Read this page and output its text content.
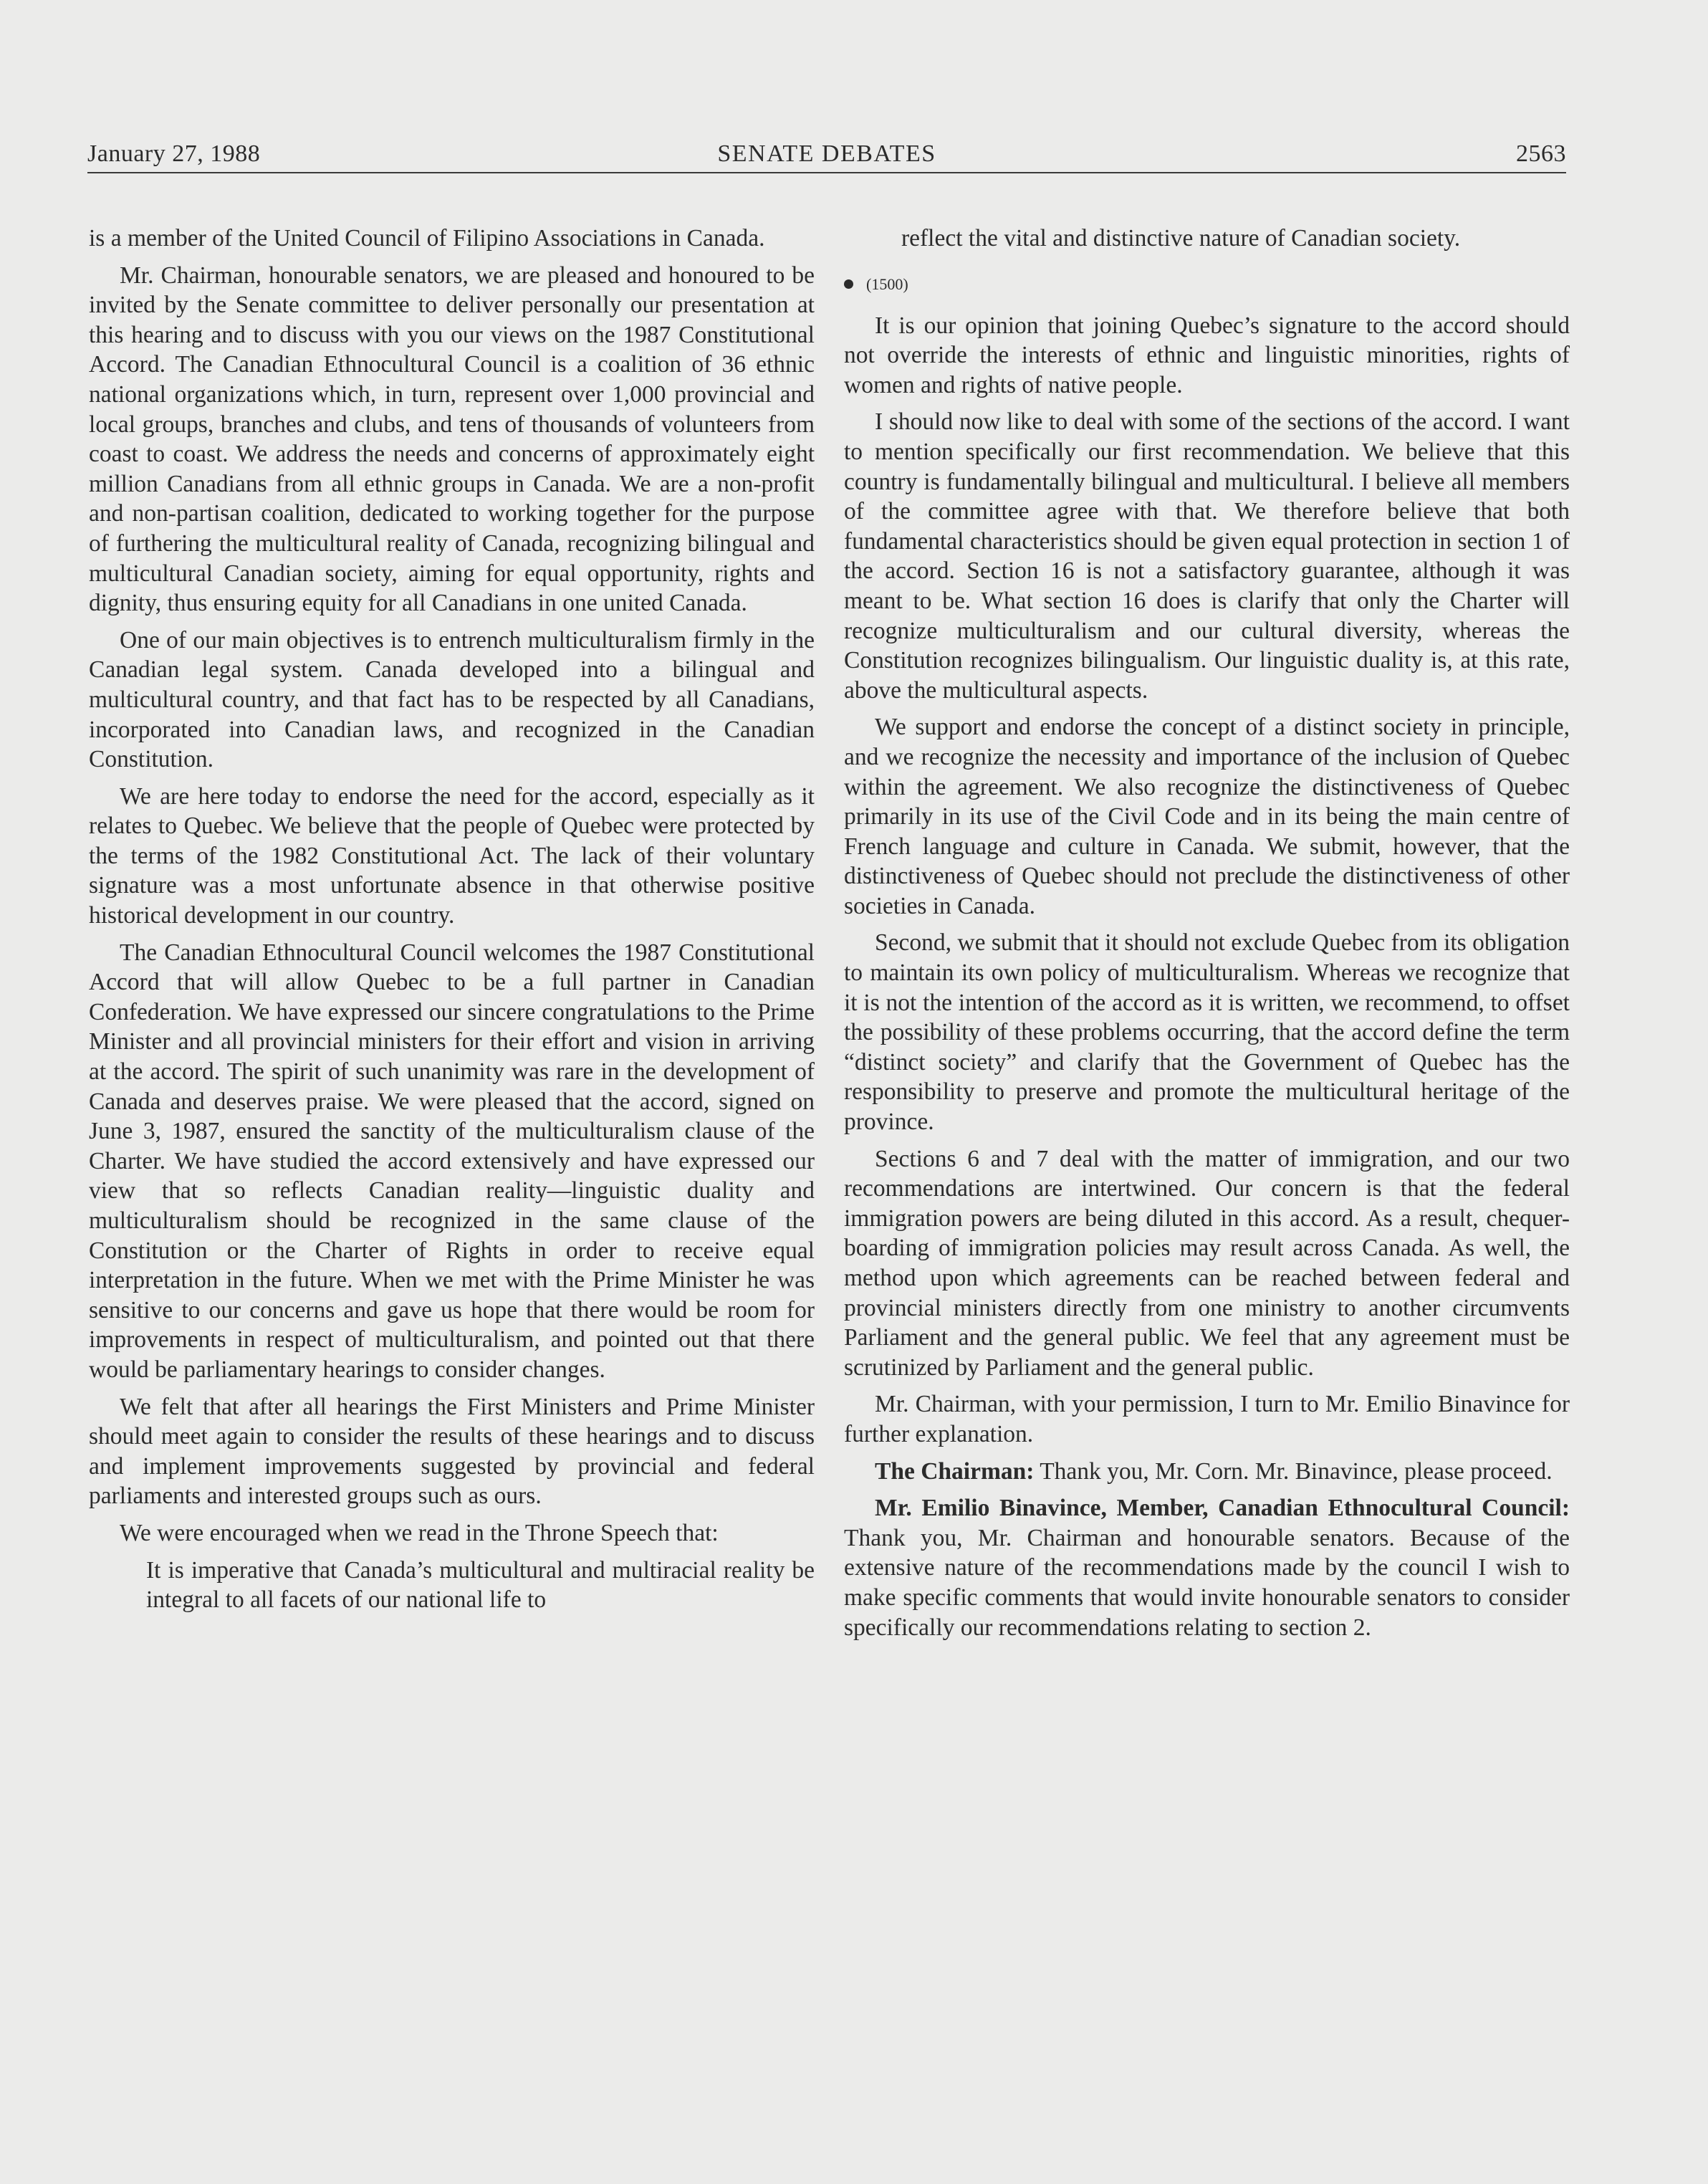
January 27, 1988	SENATE DEBATES	2563

is a member of the United Council of Filipino Associations in Canada.

Mr. Chairman, honourable senators, we are pleased and honoured to be invited by the Senate committee to deliver personally our presentation at this hearing and to discuss with you our views on the 1987 Constitutional Accord. The Canadian Ethnocultural Council is a coalition of 36 ethnic national organizations which, in turn, represent over 1,000 provincial and local groups, branches and clubs, and tens of thousands of volunteers from coast to coast. We address the needs and concerns of approximately eight million Canadians from all ethnic groups in Canada. We are a non-profit and non-partisan coalition, dedicated to working together for the purpose of furthering the multicultural reality of Canada, recognizing bilingual and multicultural Canadian society, aiming for equal opportunity, rights and dignity, thus ensuring equity for all Canadians in one united Canada.

One of our main objectives is to entrench multiculturalism firmly in the Canadian legal system. Canada developed into a bilingual and multicultural country, and that fact has to be respected by all Canadians, incorporated into Canadian laws, and recognized in the Canadian Constitution.

We are here today to endorse the need for the accord, especially as it relates to Quebec. We believe that the people of Quebec were protected by the terms of the 1982 Constitutional Act. The lack of their voluntary signature was a most unfortunate absence in that otherwise positive historical development in our country.

The Canadian Ethnocultural Council welcomes the 1987 Constitutional Accord that will allow Quebec to be a full partner in Canadian Confederation. We have expressed our sincere congratulations to the Prime Minister and all provincial ministers for their effort and vision in arriving at the accord. The spirit of such unanimity was rare in the development of Canada and deserves praise. We were pleased that the accord, signed on June 3, 1987, ensured the sanctity of the multiculturalism clause of the Charter. We have studied the accord extensively and have expressed our view that so reflects Canadian reality—linguistic duality and multiculturalism should be recognized in the same clause of the Constitution or the Charter of Rights in order to receive equal interpretation in the future. When we met with the Prime Minister he was sensitive to our concerns and gave us hope that there would be room for improvements in respect of multiculturalism, and pointed out that there would be parliamentary hearings to consider changes.

We felt that after all hearings the First Ministers and Prime Minister should meet again to consider the results of these hearings and to discuss and implement improvements suggested by provincial and federal parliaments and interested groups such as ours.

We were encouraged when we read in the Throne Speech that:

It is imperative that Canada’s multicultural and multiracial reality be integral to all facets of our national life to

reflect the vital and distinctive nature of Canadian society.

(1500)

It is our opinion that joining Quebec’s signature to the accord should not override the interests of ethnic and linguistic minorities, rights of women and rights of native people.

I should now like to deal with some of the sections of the accord. I want to mention specifically our first recommendation. We believe that this country is fundamentally bilingual and multicultural. I believe all members of the committee agree with that. We therefore believe that both fundamental characteristics should be given equal protection in section 1 of the accord. Section 16 is not a satisfactory guarantee, although it was meant to be. What section 16 does is clarify that only the Charter will recognize multiculturalism and our cultural diversity, whereas the Constitution recognizes bilingualism. Our linguistic duality is, at this rate, above the multicultural aspects.

We support and endorse the concept of a distinct society in principle, and we recognize the necessity and importance of the inclusion of Quebec within the agreement. We also recognize the distinctiveness of Quebec primarily in its use of the Civil Code and in its being the main centre of French language and culture in Canada. We submit, however, that the distinctiveness of Quebec should not preclude the distinctiveness of other societies in Canada.

Second, we submit that it should not exclude Quebec from its obligation to maintain its own policy of multiculturalism. Whereas we recognize that it is not the intention of the accord as it is written, we recommend, to offset the possibility of these problems occurring, that the accord define the term “distinct society” and clarify that the Government of Quebec has the responsibility to preserve and promote the multicultural heritage of the province.

Sections 6 and 7 deal with the matter of immigration, and our two recommendations are intertwined. Our concern is that the federal immigration powers are being diluted in this accord. As a result, chequer-boarding of immigration policies may result across Canada. As well, the method upon which agreements can be reached between federal and provincial ministers directly from one ministry to another circumvents Parliament and the general public. We feel that any agreement must be scrutinized by Parliament and the general public.

Mr. Chairman, with your permission, I turn to Mr. Emilio Binavince for further explanation.

The Chairman: Thank you, Mr. Corn. Mr. Binavince, please proceed.

Mr. Emilio Binavince, Member, Canadian Ethnocultural Council: Thank you, Mr. Chairman and honourable senators. Because of the extensive nature of the recommendations made by the council I wish to make specific comments that would invite honourable senators to consider specifically our recommendations relating to section 2.
